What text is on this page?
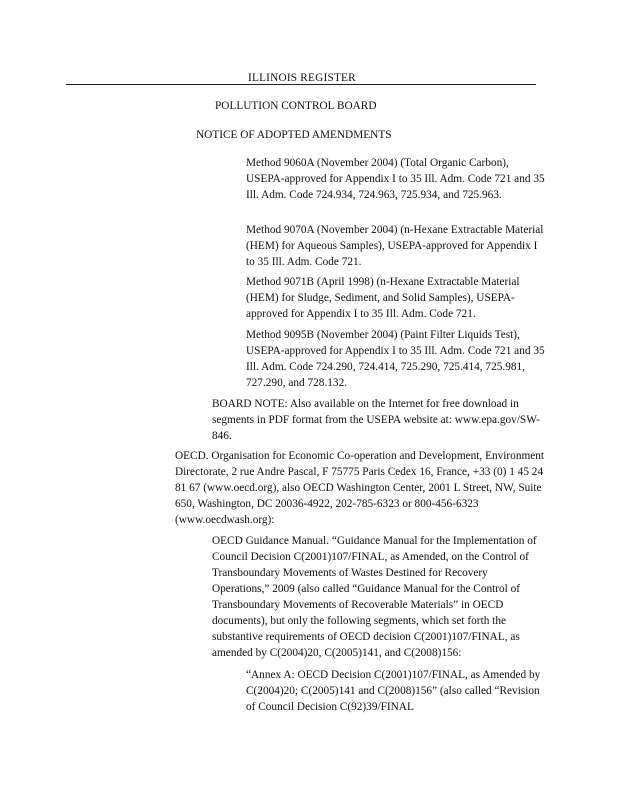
ILLINOIS REGISTER
POLLUTION CONTROL BOARD
NOTICE OF ADOPTED AMENDMENTS

Method 9060A (November 2004) (Total Organic Carbon), USEPA-approved for Appendix I to 35 Ill. Adm. Code 721 and 35 Ill. Adm. Code 724.934, 724.963, 725.934, and 725.963.

Method 9070A (November 2004) (n-Hexane Extractable Material (HEM) for Aqueous Samples), USEPA-approved for Appendix I to 35 Ill. Adm. Code 721.

Method 9071B (April 1998) (n-Hexane Extractable Material (HEM) for Sludge, Sediment, and Solid Samples), USEPA-approved for Appendix I to 35 Ill. Adm. Code 721.

Method 9095B (November 2004) (Paint Filter Liquids Test), USEPA-approved for Appendix I to 35 Ill. Adm. Code 721 and 35 Ill. Adm. Code 724.290, 724.414, 725.290, 725.414, 725.981, 727.290, and 728.132.

BOARD NOTE: Also available on the Internet for free download in segments in PDF format from the USEPA website at: www.epa.gov/SW-846.

OECD. Organisation for Economic Co-operation and Development, Environment Directorate, 2 rue Andre Pascal, F 75775 Paris Cedex 16, France, +33 (0) 1 45 24 81 67 (www.oecd.org), also OECD Washington Center, 2001 L Street, NW, Suite 650, Washington, DC 20036-4922, 202-785-6323 or 800-456-6323 (www.oecdwash.org):

OECD Guidance Manual. “Guidance Manual for the Implementation of Council Decision C(2001)107/FINAL, as Amended, on the Control of Transboundary Movements of Wastes Destined for Recovery Operations,” 2009 (also called “Guidance Manual for the Control of Transboundary Movements of Recoverable Materials” in OECD documents), but only the following segments, which set forth the substantive requirements of OECD decision C(2001)107/FINAL, as amended by C(2004)20, C(2005)141, and C(2008)156:

“Annex A: OECD Decision C(2001)107/FINAL, as Amended by C(2004)20; C(2005)141 and C(2008)156” (also called “Revision of Council Decision C(92)39/FINAL
